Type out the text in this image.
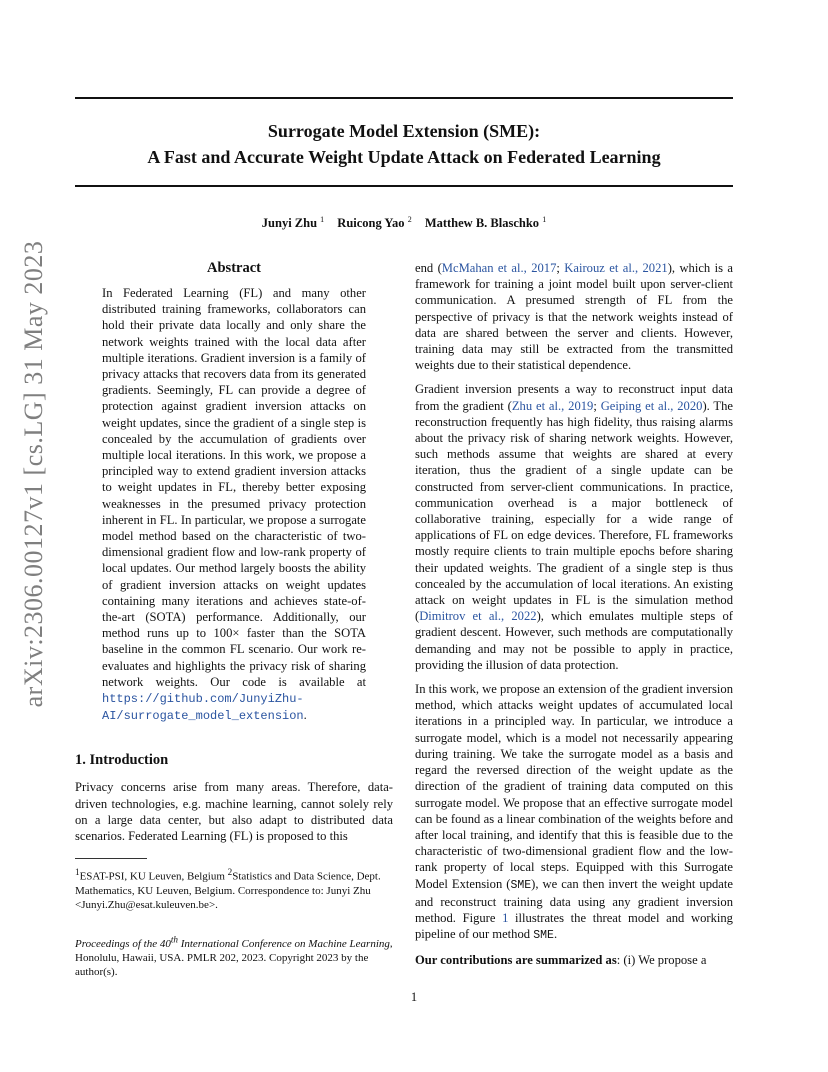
arXiv:2306.00127v1 [cs.LG] 31 May 2023
Surrogate Model Extension (SME):
A Fast and Accurate Weight Update Attack on Federated Learning
Junyi Zhu $^1$ Ruicong Yao $^2$ Matthew B. Blaschko $^1$
Abstract

In Federated Learning (FL) and many other distributed training frameworks, collaborators can hold their private data locally and only share the network weights trained with the local data after multiple iterations. Gradient inversion is a family of privacy attacks that recovers data from its generated gradients. Seemingly, FL can provide a degree of protection against gradient inversion attacks on weight updates, since the gradient of a single step is concealed by the accumulation of gradients over multiple local iterations. In this work, we propose a principled way to extend gradient inversion attacks to weight updates in FL, thereby better exposing weaknesses in the presumed privacy protection inherent in FL. In particular, we propose a surrogate model method based on the characteristic of two-dimensional gradient flow and low-rank property of local updates. Our method largely boosts the ability of gradient inversion attacks on weight updates containing many iterations and achieves state-of-the-art (SOTA) performance. Additionally, our method runs up to 100× faster than the SOTA baseline in the common FL scenario. Our work re-evaluates and highlights the privacy risk of sharing network weights. Our code is available at https://github.com/JunyiZhu-AI/surrogate_model_extension.

1. Introduction

Privacy concerns arise from many areas. Therefore, data-driven technologies, e.g. machine learning, cannot solely rely on a large data center, but also adapt to distributed data scenarios. Federated Learning (FL) is proposed to this

$^1$ESAT-PSI, KU Leuven, Belgium $^2$Statistics and Data Science, Dept. Mathematics, KU Leuven, Belgium. Correspondence to: Junyi Zhu <Junyi.Zhu@esat.kuleuven.be>.

Proceedings of the 40th International Conference on Machine Learning, Honolulu, Hawaii, USA. PMLR 202, 2023. Copyright 2023 by the author(s).

end (McMahan et al., 2017; Kairouz et al., 2021), which is a framework for training a joint model built upon server-client communication. A presumed strength of FL from the perspective of privacy is that the network weights instead of data are shared between the server and clients. However, training data may still be extracted from the transmitted weights due to their statistical dependence.

Gradient inversion presents a way to reconstruct input data from the gradient (Zhu et al., 2019; Geiping et al., 2020). The reconstruction frequently has high fidelity, thus raising alarms about the privacy risk of sharing network weights. However, such methods assume that weights are shared at every iteration, thus the gradient of a single update can be constructed from server-client communications. In practice, communication overhead is a major bottleneck of collaborative training, especially for a wide range of applications of FL on edge devices. Therefore, FL frameworks mostly require clients to train multiple epochs before sharing their updated weights. The gradient of a single step is thus concealed by the accumulation of local iterations. An existing attack on weight updates in FL is the simulation method (Dimitrov et al., 2022), which emulates multiple steps of gradient descent. However, such methods are computationally demanding and may not be possible to apply in practice, providing the illusion of data protection.

In this work, we propose an extension of the gradient inversion method, which attacks weight updates of accumulated local iterations in a principled way. In particular, we introduce a surrogate model, which is a model not necessarily appearing during training. We take the surrogate model as a basis and regard the reversed direction of the weight update as the direction of the gradient of training data computed on this surrogate model. We propose that an effective surrogate model can be found as a linear combination of the weights before and after local training, and identify that this is feasible due to the characteristic of two-dimensional gradient flow and the low-rank property of local steps. Equipped with this Surrogate Model Extension (SME), we can then invert the weight update and reconstruct training data using any gradient inversion method. Figure 1 illustrates the threat model and working pipeline of our method SME.

Our contributions are summarized as: (i) We propose a

1
